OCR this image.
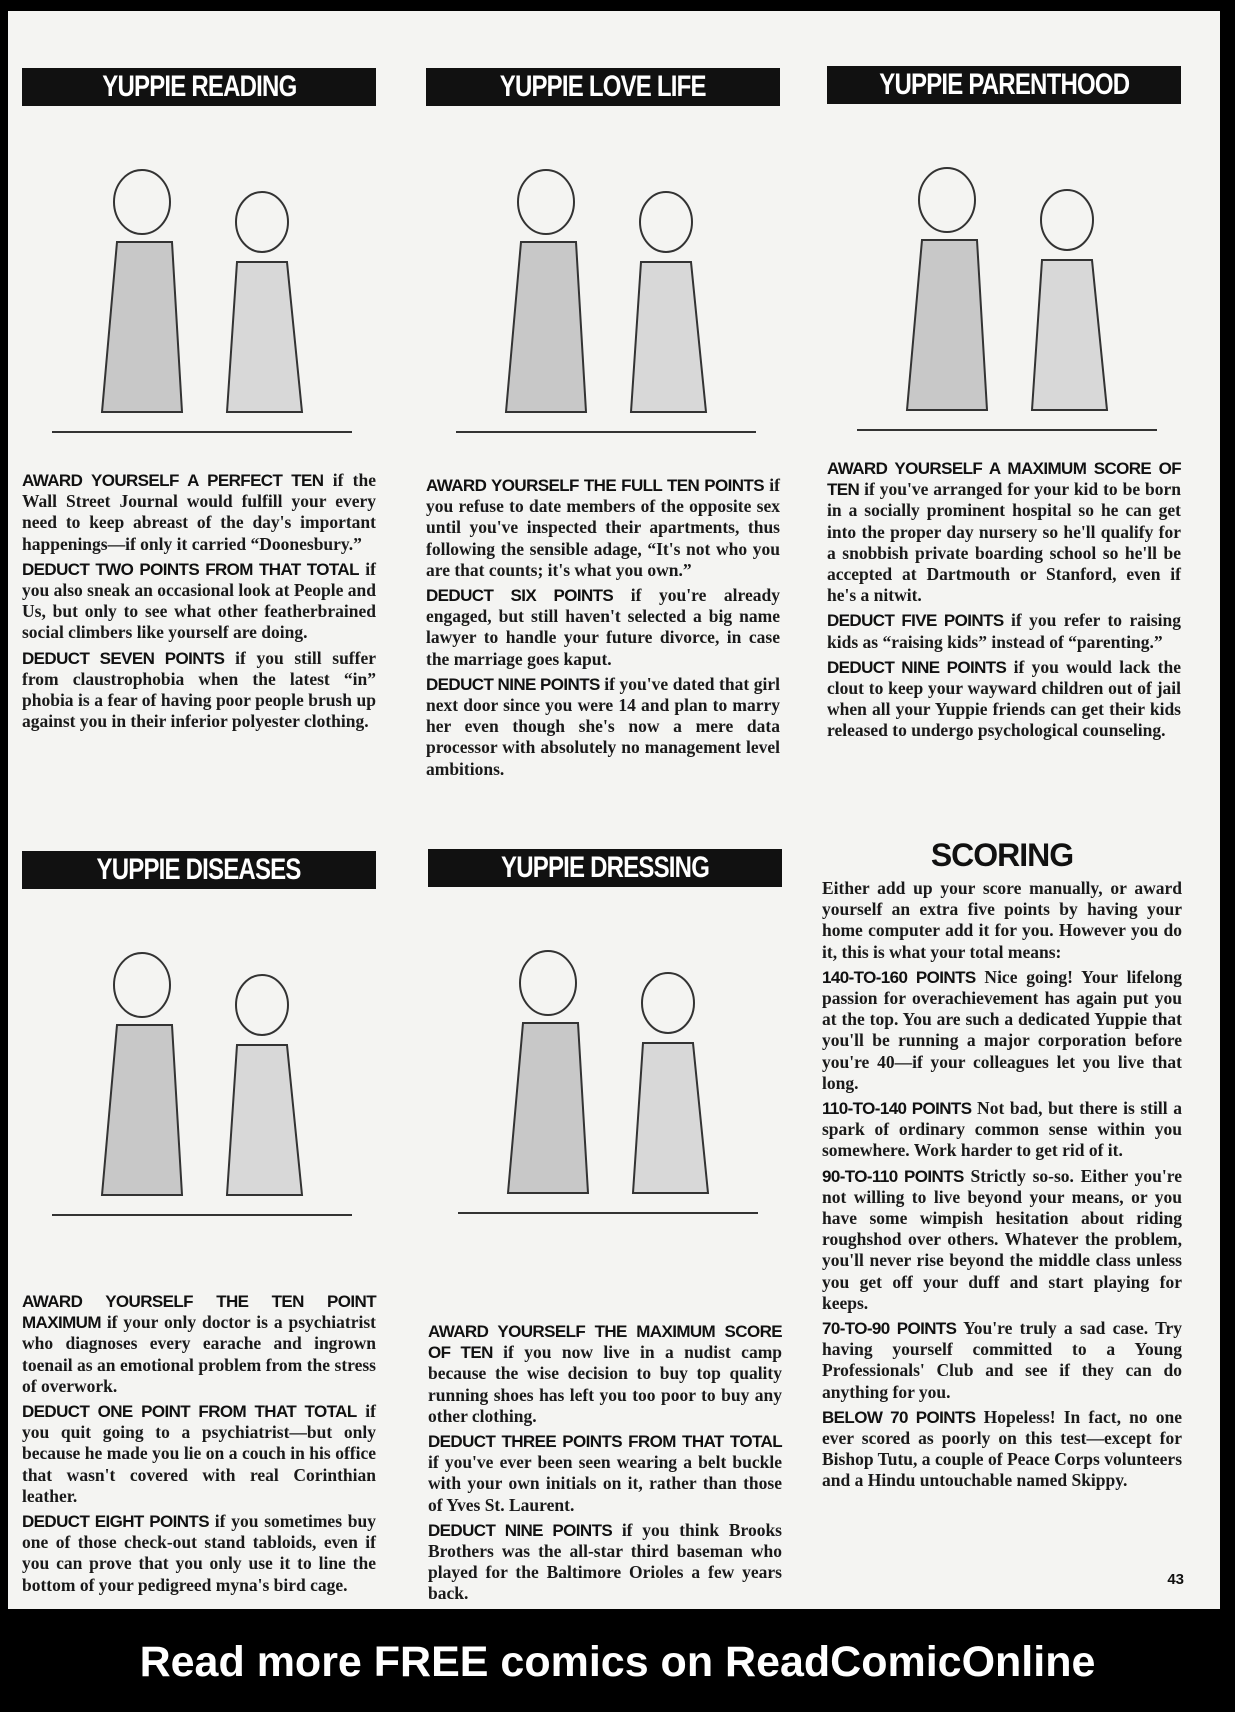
YUPPIE READING

AWARD YOURSELF A PERFECT TEN if the Wall Street Journal would fulfill your every need to keep abreast of the day's important happenings—if only it carried “Doonesbury.”

DEDUCT TWO POINTS FROM THAT TOTAL if you also sneak an occasional look at People and Us, but only to see what other featherbrained social climbers like yourself are doing.

DEDUCT SEVEN POINTS if you still suffer from claustrophobia when the latest “in” phobia is a fear of having poor people brush up against you in their inferior polyester clothing.

YUPPIE LOVE LIFE

AWARD YOURSELF THE FULL TEN POINTS if you refuse to date members of the opposite sex until you've inspected their apartments, thus following the sensible adage, “It's not who you are that counts; it's what you own.”

DEDUCT SIX POINTS if you're already engaged, but still haven't selected a big name lawyer to handle your future divorce, in case the marriage goes kaput.

DEDUCT NINE POINTS if you've dated that girl next door since you were 14 and plan to marry her even though she's now a mere data processor with absolutely no management level ambitions.

YUPPIE PARENTHOOD

AWARD YOURSELF A MAXIMUM SCORE OF TEN if you've arranged for your kid to be born in a socially prominent hospital so he can get into the proper day nursery so he'll qualify for a snobbish private boarding school so he'll be accepted at Dartmouth or Stanford, even if he's a nitwit.

DEDUCT FIVE POINTS if you refer to raising kids as “raising kids” instead of “parenting.”

DEDUCT NINE POINTS if you would lack the clout to keep your wayward children out of jail when all your Yuppie friends can get their kids released to undergo psychological counseling.

YUPPIE DISEASES

AWARD YOURSELF THE TEN POINT MAXIMUM if your only doctor is a psychiatrist who diagnoses every earache and ingrown toenail as an emotional problem from the stress of overwork.

DEDUCT ONE POINT FROM THAT TOTAL if you quit going to a psychiatrist—but only because he made you lie on a couch in his office that wasn't covered with real Corinthian leather.

DEDUCT EIGHT POINTS if you sometimes buy one of those check-out stand tabloids, even if you can prove that you only use it to line the bottom of your pedigreed myna's bird cage.

YUPPIE DRESSING

AWARD YOURSELF THE MAXIMUM SCORE OF TEN if you now live in a nudist camp because the wise decision to buy top quality running shoes has left you too poor to buy any other clothing.

DEDUCT THREE POINTS FROM THAT TOTAL if you've ever been seen wearing a belt buckle with your own initials on it, rather than those of Yves St. Laurent.

DEDUCT NINE POINTS if you think Brooks Brothers was the all-star third baseman who played for the Baltimore Orioles a few years back.

SCORING

Either add up your score manually, or award yourself an extra five points by having your home computer add it for you. However you do it, this is what your total means:

140-TO-160 POINTS Nice going! Your lifelong passion for overachievement has again put you at the top. You are such a dedicated Yuppie that you'll be running a major corporation before you're 40—if your colleagues let you live that long.

110-TO-140 POINTS Not bad, but there is still a spark of ordinary common sense within you somewhere. Work harder to get rid of it.

90-TO-110 POINTS Strictly so-so. Either you're not willing to live beyond your means, or you have some wimpish hesitation about riding roughshod over others. Whatever the problem, you'll never rise beyond the middle class unless you get off your duff and start playing for keeps.

70-TO-90 POINTS You're truly a sad case. Try having yourself committed to a Young Professionals' Club and see if they can do anything for you.

BELOW 70 POINTS Hopeless! In fact, no one ever scored as poorly on this test—except for Bishop Tutu, a couple of Peace Corps volunteers and a Hindu untouchable named Skippy.

43
Read more FREE comics on ReadComicOnline
